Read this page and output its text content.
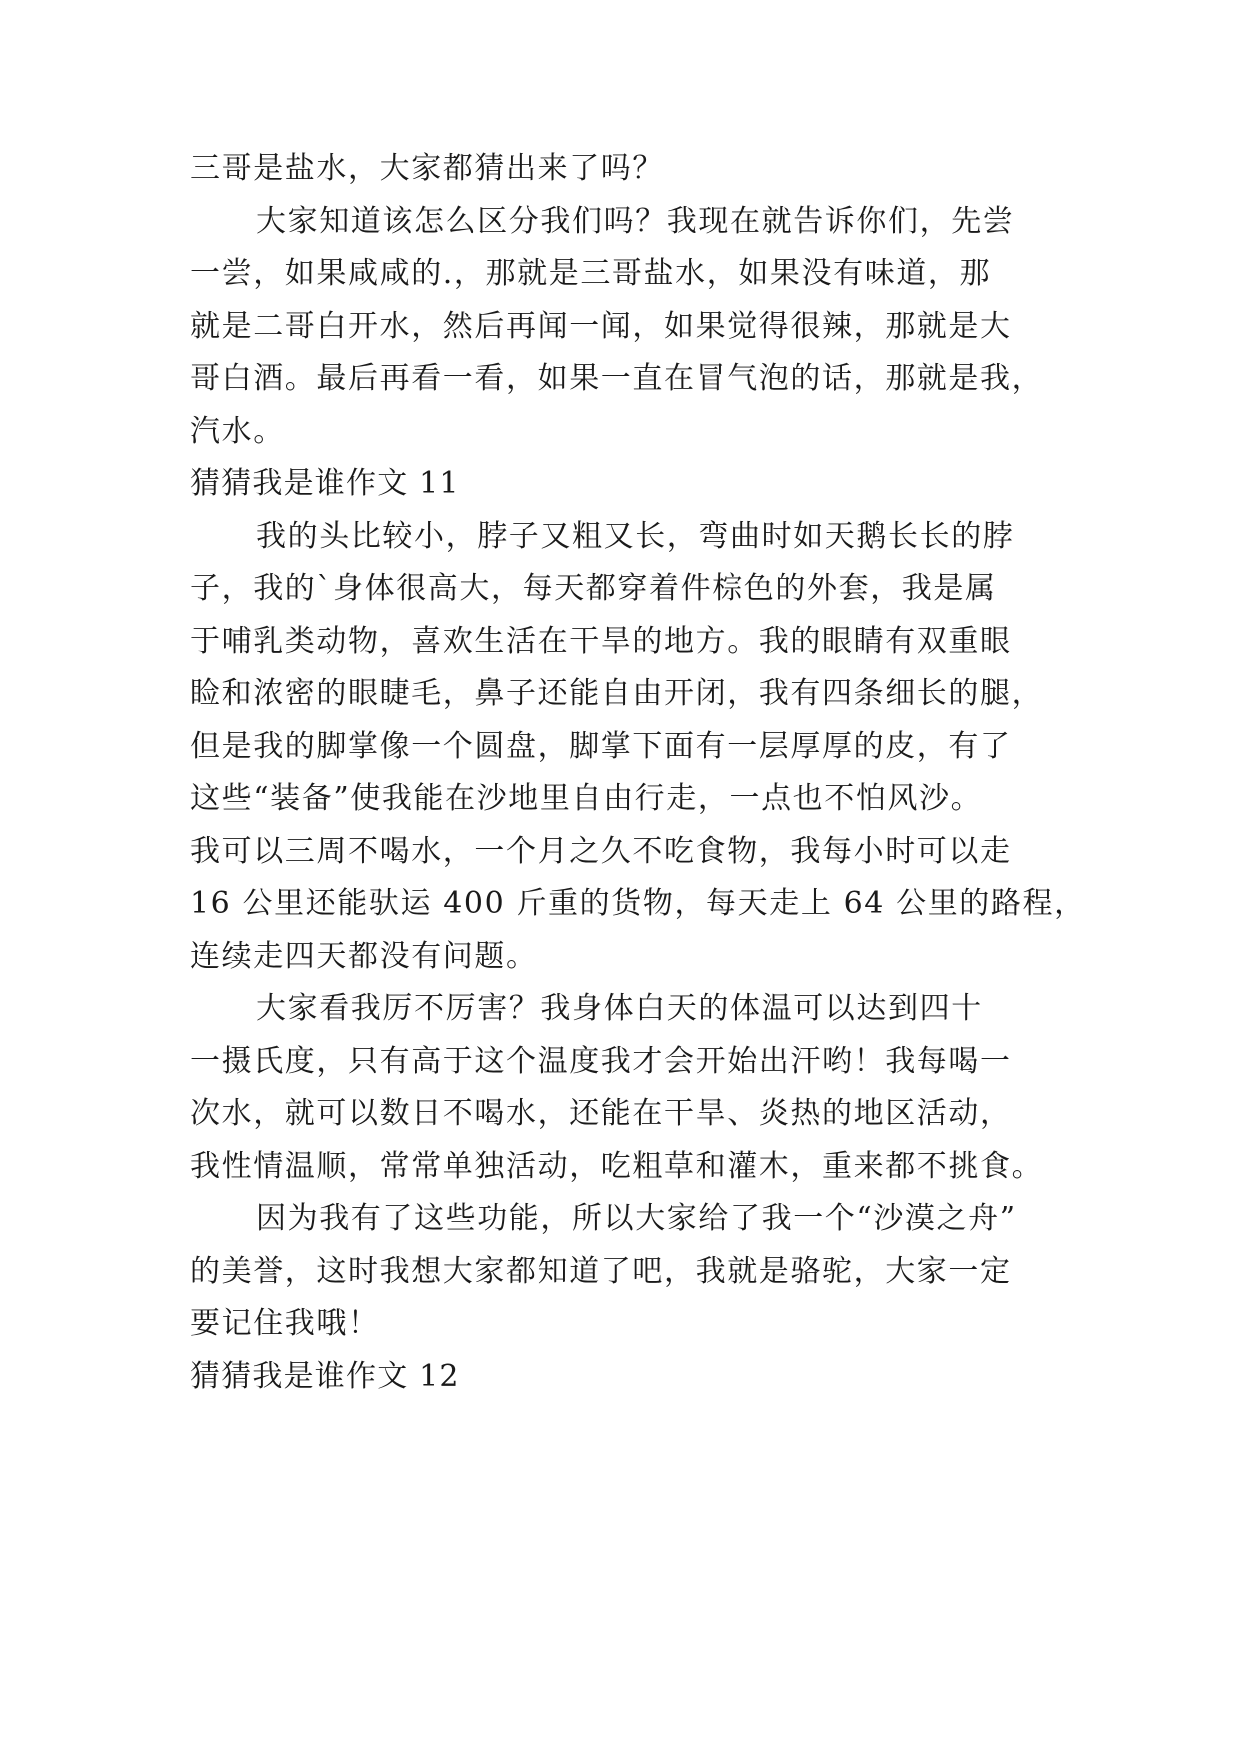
三哥是盐水，大家都猜出来了吗？

大家知道该怎么区分我们吗？我现在就告诉你们，先尝

一尝，如果咸咸的.，那就是三哥盐水，如果没有味道，那

就是二哥白开水，然后再闻一闻，如果觉得很辣，那就是大

哥白酒。最后再看一看，如果一直在冒气泡的话，那就是我，

汽水。

猜猜我是谁作文 11

我的头比较小，脖子又粗又长，弯曲时如天鹅长长的脖

子，我的`身体很高大，每天都穿着件棕色的外套，我是属

于哺乳类动物，喜欢生活在干旱的地方。我的眼睛有双重眼

睑和浓密的眼睫毛，鼻子还能自由开闭，我有四条细长的腿，

但是我的脚掌像一个圆盘，脚掌下面有一层厚厚的皮，有了

这些“装备”使我能在沙地里自由行走，一点也不怕风沙。

我可以三周不喝水，一个月之久不吃食物，我每小时可以走

16 公里还能驮运 400 斤重的货物，每天走上 64 公里的路程，

连续走四天都没有问题。

大家看我厉不厉害？我身体白天的体温可以达到四十

一摄氏度，只有高于这个温度我才会开始出汗哟！我每喝一

次水，就可以数日不喝水，还能在干旱、炎热的地区活动，

我性情温顺，常常单独活动，吃粗草和灌木，重来都不挑食。

因为我有了这些功能，所以大家给了我一个“沙漠之舟”

的美誉，这时我想大家都知道了吧，我就是骆驼，大家一定

要记住我哦！

猜猜我是谁作文 12
